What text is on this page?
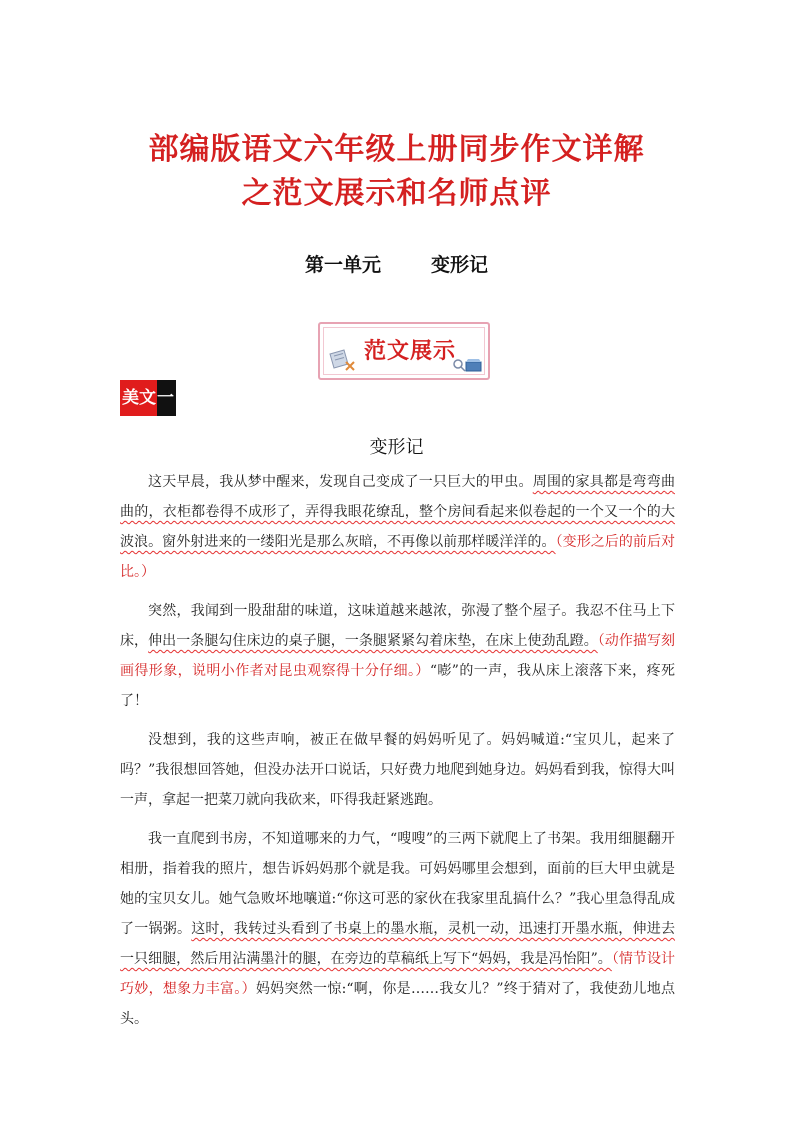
部编版语文六年级上册同步作文详解
之范文展示和名师点评
第一单元	变形记
范文展示
美文 一
变形记

这天早晨，我从梦中醒来，发现自己变成了一只巨大的甲虫。周围的家具都是弯弯曲曲的，衣柜都卷得不成形了，弄得我眼花缭乱，整个房间看起来似卷起的一个又一个的大波浪。窗外射进来的一缕阳光是那么灰暗，不再像以前那样暖洋洋的。（变形之后的前后对比。）

突然，我闻到一股甜甜的味道，这味道越来越浓，弥漫了整个屋子。我忍不住马上下床，伸出一条腿勾住床边的桌子腿，一条腿紧紧勾着床垫，在床上使劲乱蹬。（动作描写刻画得形象，说明小作者对昆虫观察得十分仔细。）“嘭”的一声，我从床上滚落下来，疼死了！

没想到，我的这些声响，被正在做早餐的妈妈听见了。妈妈喊道:“宝贝儿，起来了吗？”我很想回答她，但没办法开口说话，只好费力地爬到她身边。妈妈看到我，惊得大叫一声，拿起一把菜刀就向我砍来，吓得我赶紧逃跑。

我一直爬到书房，不知道哪来的力气，“嗖嗖”的三两下就爬上了书架。我用细腿翻开相册，指着我的照片，想告诉妈妈那个就是我。可妈妈哪里会想到，面前的巨大甲虫就是她的宝贝女儿。她气急败坏地嚷道:“你这可恶的家伙在我家里乱搞什么？”我心里急得乱成了一锅粥。这时，我转过头看到了书桌上的墨水瓶，灵机一动，迅速打开墨水瓶，伸进去一只细腿，然后用沾满墨汁的腿，在旁边的草稿纸上写下“妈妈，我是冯怡阳”。（情节设计巧妙，想象力丰富。）妈妈突然一惊:“啊，你是……我女儿？”终于猜对了，我使劲儿地点头。
